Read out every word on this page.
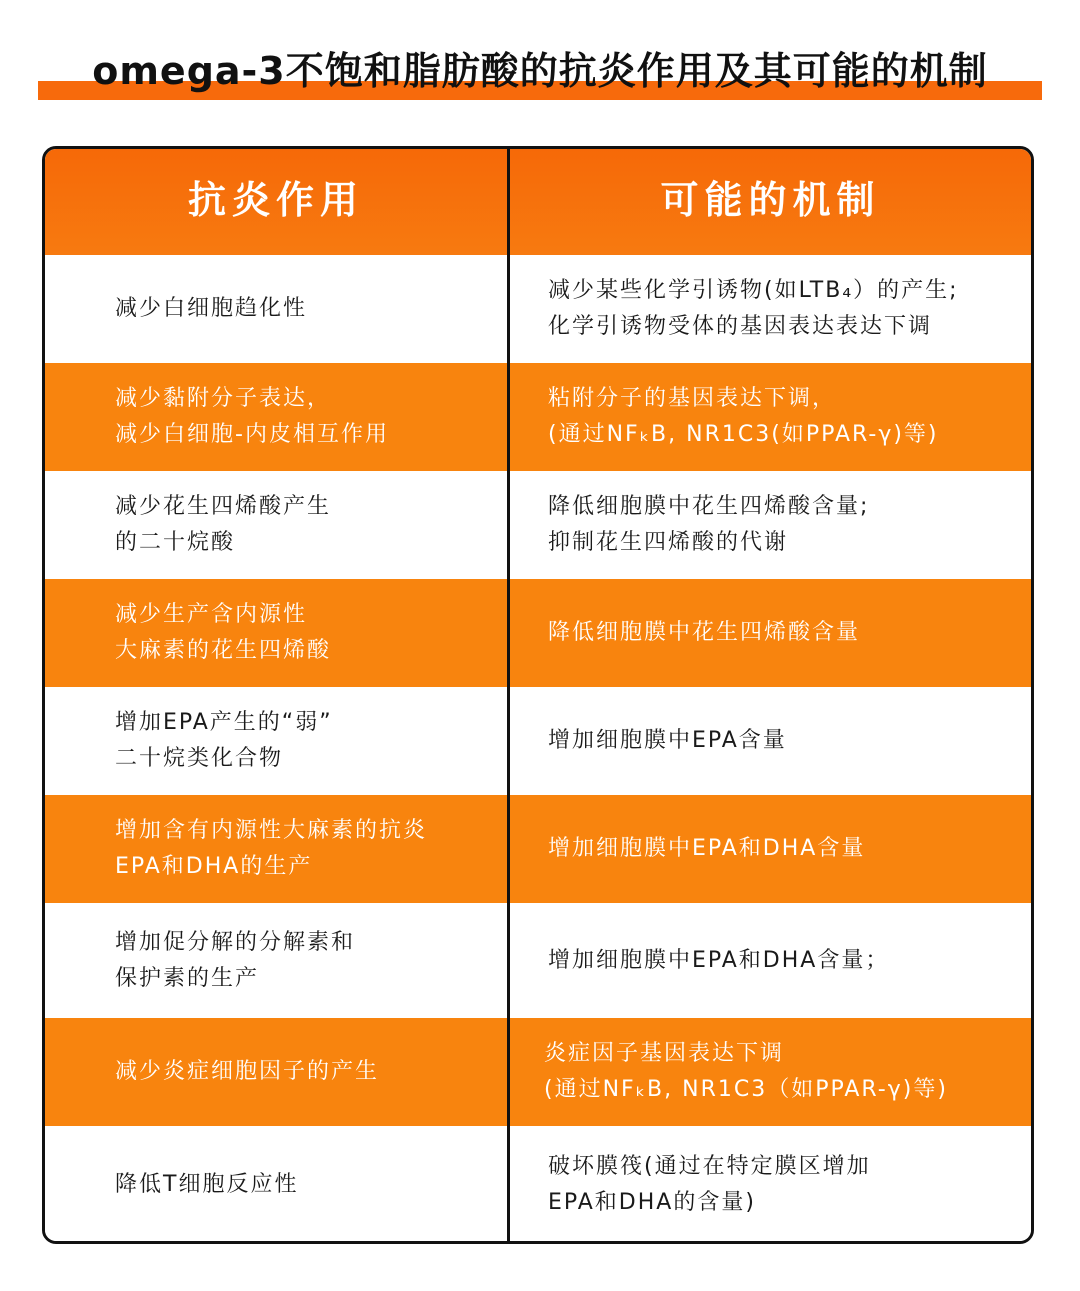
omega-3不饱和脂肪酸的抗炎作用及其可能的机制
抗炎作用	可能的机制
减少白细胞趋化性
减少某些化学引诱物(如LTB₄）的产生;
化学引诱物受体的基因表达表达下调
减少黏附分子表达，
减少白细胞-内皮相互作用
粘附分子的基因表达下调，
(通过NFₖB, NR1C3(如PPAR-γ)等)
减少花生四烯酸产生
的二十烷酸
降低细胞膜中花生四烯酸含量;
抑制花生四烯酸的代谢
减少生产含内源性
大麻素的花生四烯酸
降低细胞膜中花生四烯酸含量
增加EPA产生的“弱”
二十烷类化合物
增加细胞膜中EPA含量
增加含有内源性大麻素的抗炎
EPA和DHA的生产
增加细胞膜中EPA和DHA含量
增加促分解的分解素和
保护素的生产
增加细胞膜中EPA和DHA含量；
减少炎症细胞因子的产生
炎症因子基因表达下调
(通过NFₖB, NR1C3（如PPAR-γ)等)
降低T细胞反应性
破坏膜筏(通过在特定膜区增加
EPA和DHA的含量)
